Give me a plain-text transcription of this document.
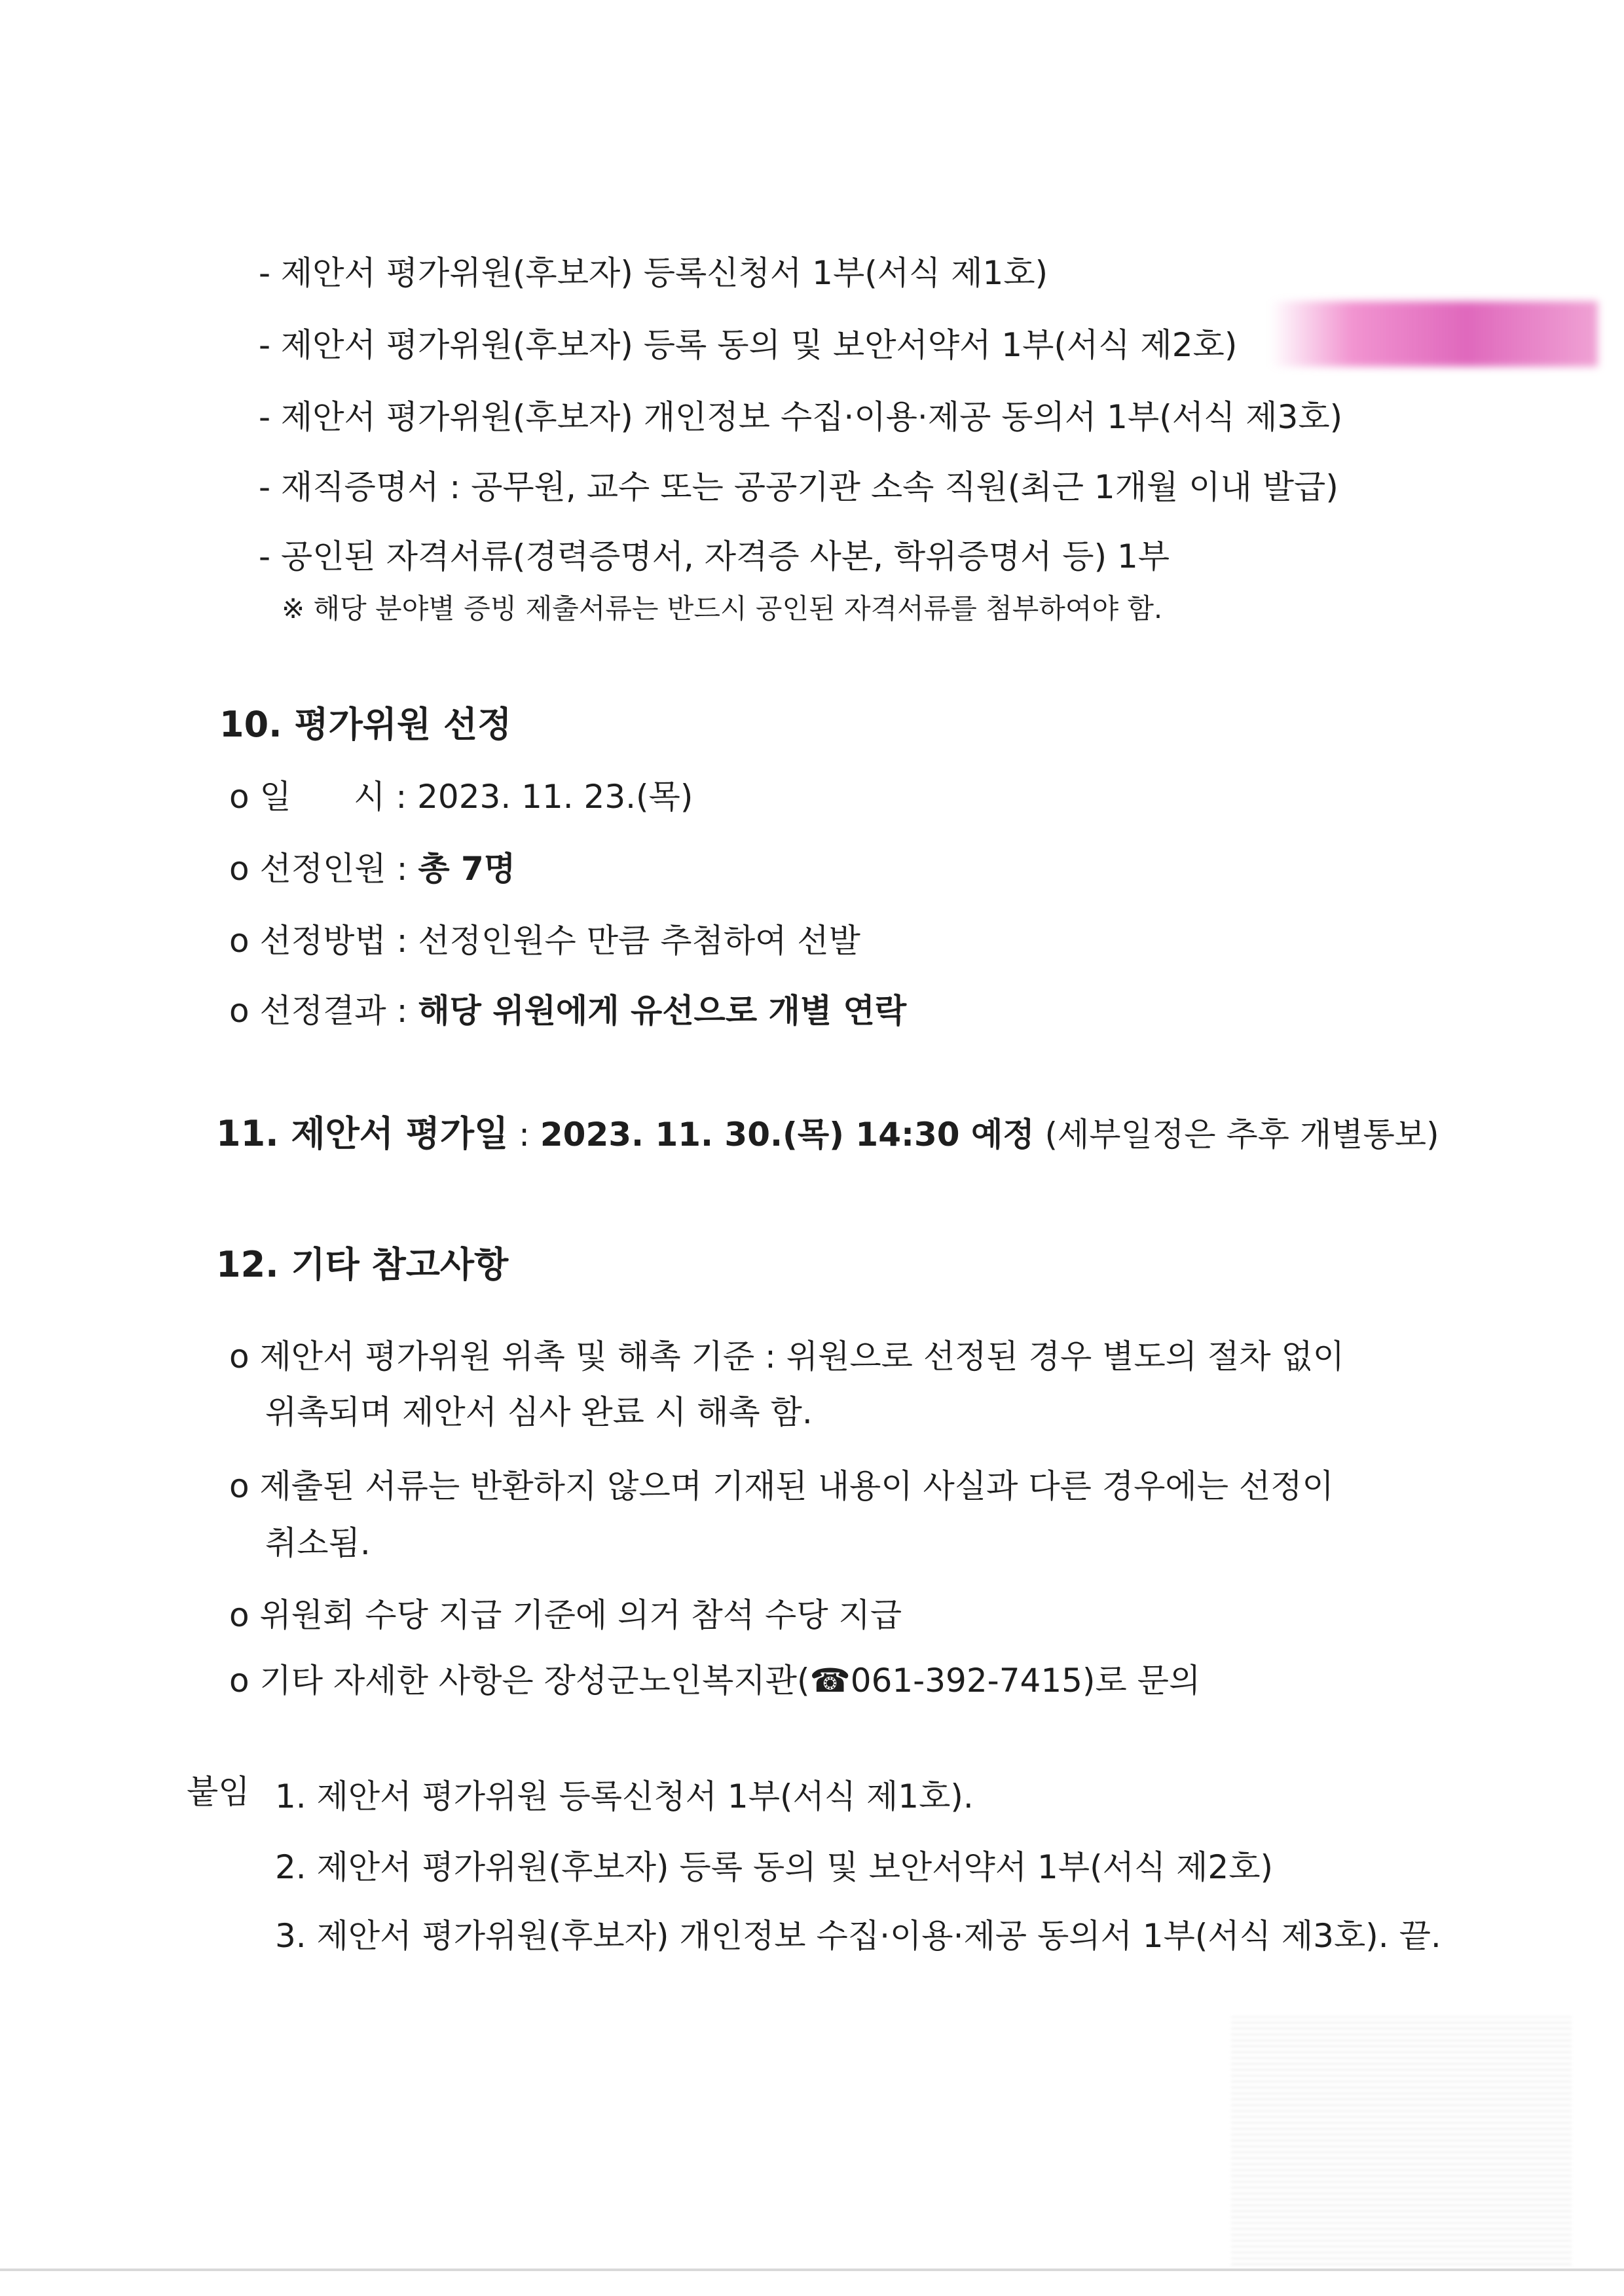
- 제안서 평가위원(후보자) 등록신청서 1부(서식 제1호)
- 제안서 평가위원(후보자) 등록 동의 및 보안서약서 1부(서식 제2호)
- 제안서 평가위원(후보자) 개인정보 수집·이용·제공 동의서 1부(서식 제3호)
- 재직증명서 : 공무원, 교수 또는 공공기관 소속 직원(최근 1개월 이내 발급)
- 공인된 자격서류(경력증명서, 자격증 사본, 학위증명서 등) 1부
※ 해당 분야별 증빙 제출서류는 반드시 공인된 자격서류를 첨부하여야 함.
10. 평가위원 선정
o 일      시 : 2023. 11. 23.(목)
o 선정인원 : 총 7명
o 선정방법 : 선정인원수 만큼 추첨하여 선발
o 선정결과 : 해당 위원에게 유선으로 개별 연락
11. 제안서 평가일 : 2023. 11. 30.(목) 14:30 예정 (세부일정은 추후 개별통보)
12. 기타 참고사항
o 제안서 평가위원 위촉 및 해촉 기준 : 위원으로 선정된 경우 별도의 절차 없이
위촉되며 제안서 심사 완료 시 해촉 함.
o 제출된 서류는 반환하지 않으며 기재된 내용이 사실과 다른 경우에는 선정이
취소됨.
o 위원회 수당 지급 기준에 의거 참석 수당 지급
o 기타 자세한 사항은 장성군노인복지관(☎061-392-7415)로 문의
붙임 1. 제안서 평가위원 등록신청서 1부(서식 제1호).
2. 제안서 평가위원(후보자) 등록 동의 및 보안서약서 1부(서식 제2호)
3. 제안서 평가위원(후보자) 개인정보 수집·이용·제공 동의서 1부(서식 제3호). 끝.
